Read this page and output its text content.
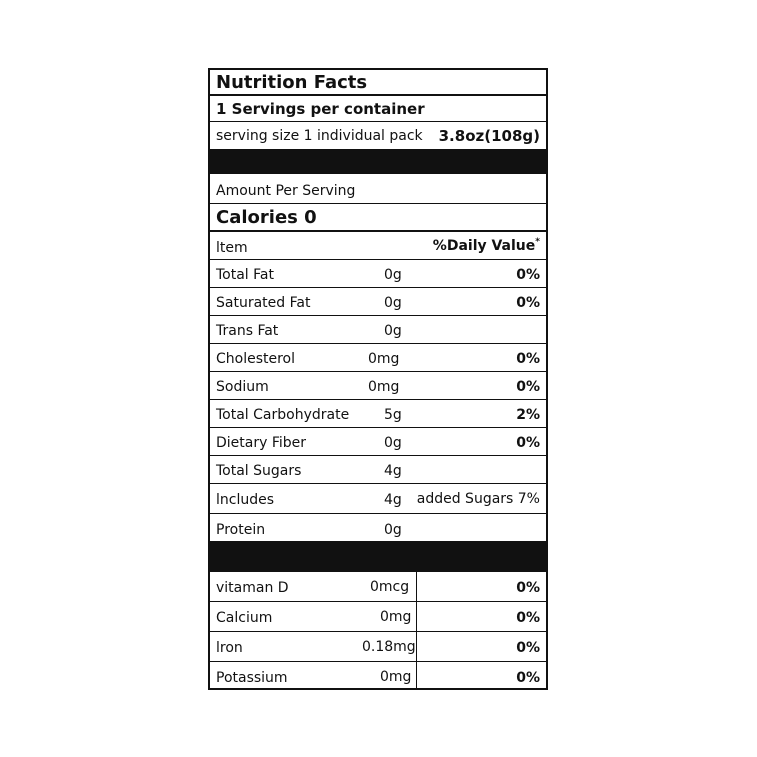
Nutrition Facts
1 Servings per container
serving size 1 individual pack 3.8oz(108g)
Amount Per Serving
Calories 0
ltem	%Daily Value*
Total Fat	0g	0%
Saturated Fat	0g	0%
Trans Fat	0g
Cholesterol	0mg	0%
Sodium	0mg	0%
Total Carbohydrate 5g	2%
Dietary Fiber	0g	0%
Total Sugars	4g
lncludes	4g added Sugars 7%
Protein	0g
vitaman D	0mcg	0%
Calcium	0mg	0%
lron	0.18mg	0%
Potassium	0mg	0%
